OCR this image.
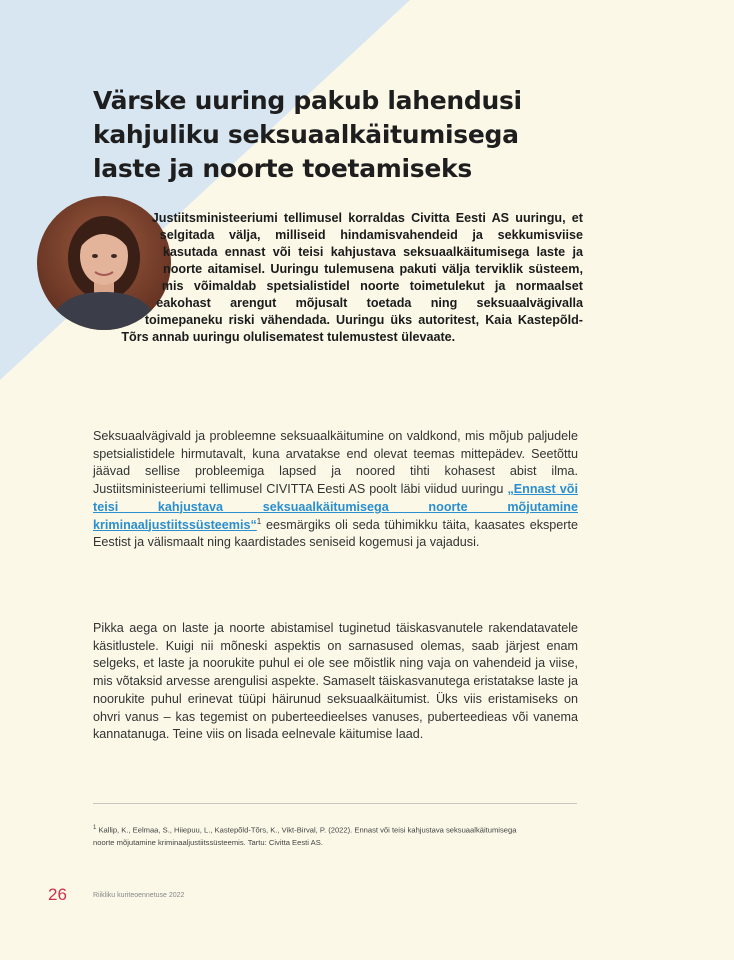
Värske uuring pakub lahendusi kahjuliku seksuaalkäitumisega laste ja noorte toetamiseks

Justiitsministeeriumi tellimusel korraldas Civitta Eesti AS uuringu, et selgitada välja, milliseid hindamisvahendeid ja sekkumisviise kasutada ennast või teisi kahjustava seksuaalkäitumisega laste ja noorte aitamisel. Uuringu tulemusena pakuti välja terviklik süsteem, mis võimaldab spetsialistidel noorte toimetulekut ja normaalset eakohast arengut mõjusalt toetada ning seksuaalvägivalla toimepaneku riski vähendada. Uuringu üks autoritest, Kaia Kastepõld-Tõrs annab uuringu olulisematest tulemustest ülevaate.

Seksuaalvägivald ja probleemne seksuaalkäitumine on valdkond, mis mõjub paljudele spetsialistidele hirmutavalt, kuna arvatakse end olevat teemas mittepädev. Seetõttu jäävad sellise probleemiga lapsed ja noored tihti kohasest abist ilma. Justiitsministeeriumi tellimusel CIVITTA Eesti AS poolt läbi viidud uuringu „Ennast või teisi kahjustava seksuaalkäitumisega noorte mõjutamine kriminaaljustiitssüsteemis“$^1$ eesmärgiks oli seda tühimikku täita, kaasates eksperte Eestist ja välismaalt ning kaardistades seniseid kogemusi ja vajadusi.

Pikka aega on laste ja noorte abistamisel tuginetud täiskasvanutele rakendatavatele käsitlustele. Kuigi nii mõneski aspektis on sarnasused olemas, saab järjest enam selgeks, et laste ja noorukite puhul ei ole see mõistlik ning vaja on vahendeid ja viise, mis võtaksid arvesse arengulisi aspekte. Samaselt täiskasvanutega eristatakse laste ja noorukite puhul erinevat tüüpi häirunud seksuaalkäitumist. Üks viis eristamiseks on ohvri vanus – kas tegemist on puberteedieelses vanuses, puberteedieas või vanema kannatanuga. Teine viis on lisada eelnevale käitumise laad.

$^1$ Kallip, K., Eelmaa, S., Hiiepuu, L., Kastepõld-Tõrs, K., Vikt-Birval, P. (2022). Ennast või teisi kahjustava seksuaalkäitumisega noorte mõjutamine kriminaaljustiitssüsteemis. Tartu: Civitta Eesti AS.

26	Riikliku kuriteoennetuse 2022
